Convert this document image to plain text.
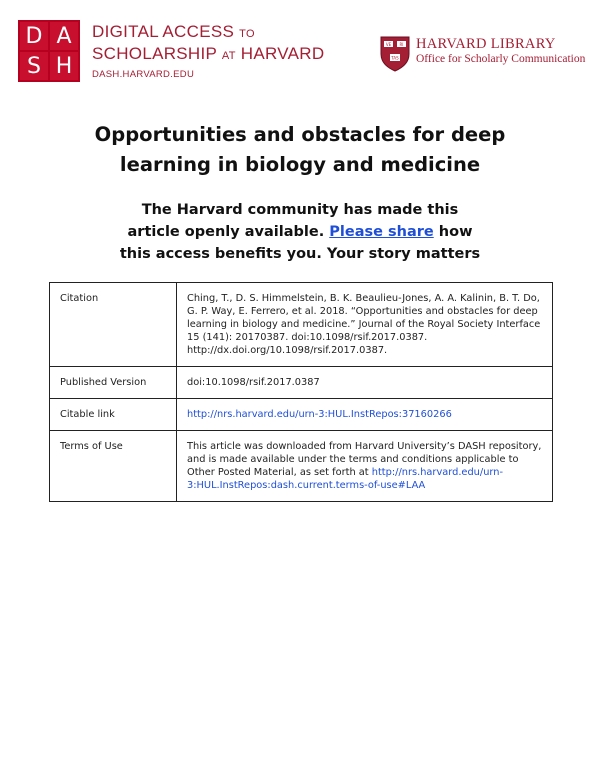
D A
S H
DIGITAL ACCESS TO
SCHOLARSHIP AT HARVARD
DASH.HARVARD.EDU
VE RI
TAS
HARVARD LIBRARY
Office for Scholarly Communication
Opportunities and obstacles for deep
learning in biology and medicine
The Harvard community has made this
article openly available. Please share how
this access benefits you. Your story matters
Citation	Ching, T., D. S. Himmelstein, B. K. Beaulieu-Jones, A. A. Kalinin, B. T. Do, G. P. Way, E. Ferrero, et al. 2018. “Opportunities and obstacles for deep learning in biology and medicine.” Journal of the Royal Society Interface 15 (141): 20170387. doi:10.1098/rsif.2017.0387. http://dx.doi.org/10.1098/rsif.2017.0387.
Published Version	doi:10.1098/rsif.2017.0387
Citable link	http://nrs.harvard.edu/urn-3:HUL.InstRepos:37160266
Terms of Use	This article was downloaded from Harvard University’s DASH repository, and is made available under the terms and conditions applicable to Other Posted Material, as set forth at http://nrs.harvard.edu/urn-3:HUL.InstRepos:dash.current.terms-of-use#LAA
